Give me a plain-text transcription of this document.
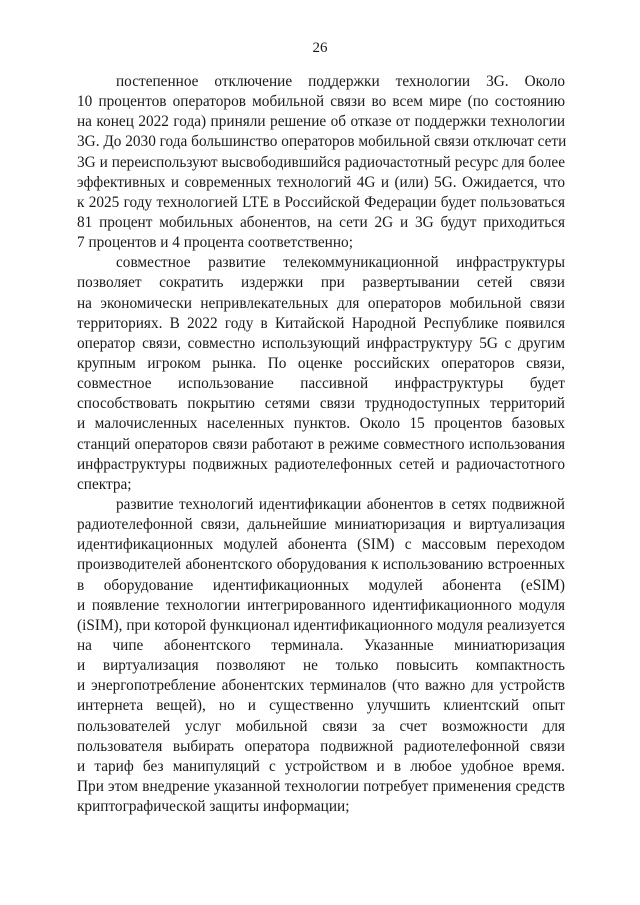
26
постепенное отключение поддержки технологии 3G. Около
10 процентов операторов мобильной связи во всем мире (по состоянию
на конец 2022 года) приняли решение об отказе от поддержки технологии
3G. До 2030 года большинство операторов мобильной связи отключат сети
3G и переиспользуют высвободившийся радиочастотный ресурс для более
эффективных и современных технологий 4G и (или) 5G. Ожидается, что
к 2025 году технологией LTE в Российской Федерации будет пользоваться
81 процент мобильных абонентов, на сети 2G и 3G будут приходиться
7 процентов и 4 процента соответственно;
совместное развитие телекоммуникационной инфраструктуры
позволяет сократить издержки при развертывании сетей связи
на экономически непривлекательных для операторов мобильной связи
территориях. В 2022 году в Китайской Народной Республике появился
оператор связи, совместно использующий инфраструктуру 5G с другим
крупным игроком рынка. По оценке российских операторов связи,
совместное использование пассивной инфраструктуры будет
способствовать покрытию сетями связи труднодоступных территорий
и малочисленных населенных пунктов. Около 15 процентов базовых
станций операторов связи работают в режиме совместного использования
инфраструктуры подвижных радиотелефонных сетей и радиочастотного
спектра;
развитие технологий идентификации абонентов в сетях подвижной
радиотелефонной связи, дальнейшие миниатюризация и виртуализация
идентификационных модулей абонента (SIM) с массовым переходом
производителей абонентского оборудования к использованию встроенных
в оборудование идентификационных модулей абонента (eSIM)
и появление технологии интегрированного идентификационного модуля
(iSIM), при которой функционал идентификационного модуля реализуется
на чипе абонентского терминала. Указанные миниатюризация
и виртуализация позволяют не только повысить компактность
и энергопотребление абонентских терминалов (что важно для устройств
интернета вещей), но и существенно улучшить клиентский опыт
пользователей услуг мобильной связи за счет возможности для
пользователя выбирать оператора подвижной радиотелефонной связи
и тариф без манипуляций с устройством и в любое удобное время.
При этом внедрение указанной технологии потребует применения средств
криптографической защиты информации;
